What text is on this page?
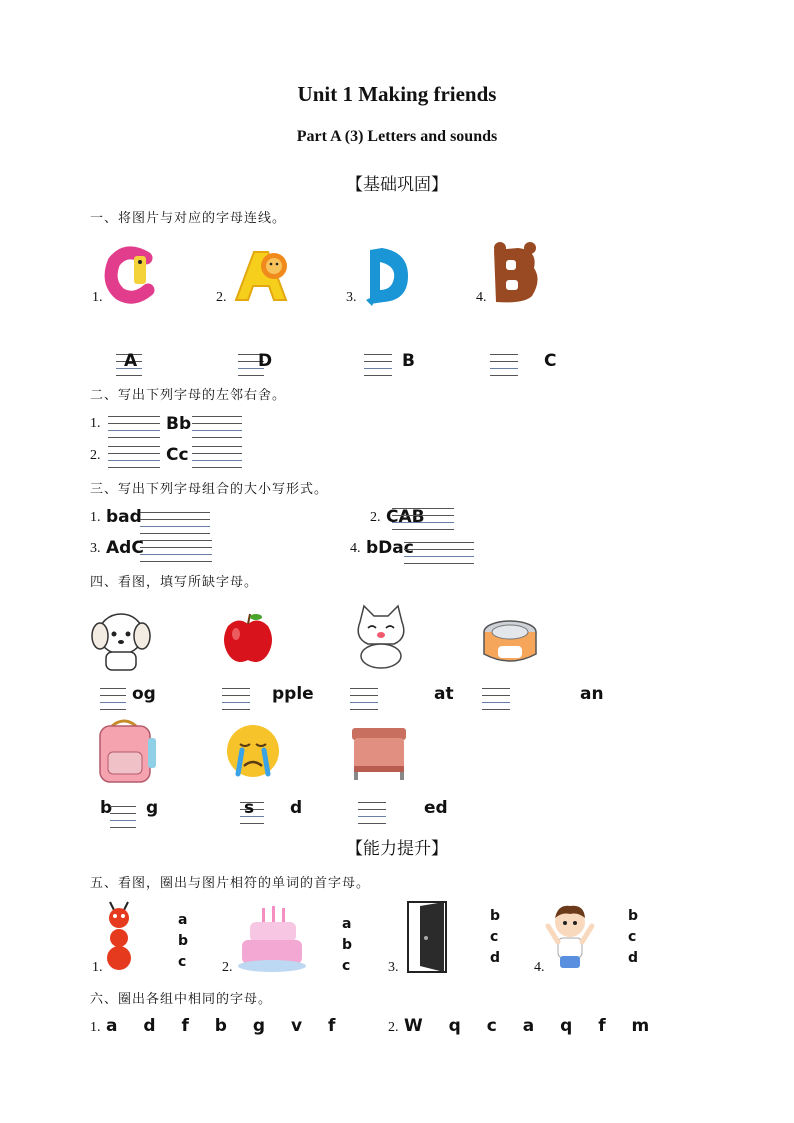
Unit 1 Making friends
Part A (3) Letters and sounds
【基础巩固】
一、将图片与对应的字母连线。
1.	2.	3.	4.
A	D	B	C
二、写出下列字母的左邻右舍。
1.	Bb
2.	Cc
三、写出下列字母组合的大小写形式。
1. bad	2. CAB
3. AdC	4. bDac
四、看图，填写所缺字母。
og	pple	at	an
b g	s d	ed
【能力提升】
五、看图，圈出与图片相符的单词的首字母。
1.
a
b
c	2.
a
b
c	3.
b
c
d
4.
b
c
d
六、圈出各组中相同的字母。
1. a d f b g v f	2. W q c a q f m
